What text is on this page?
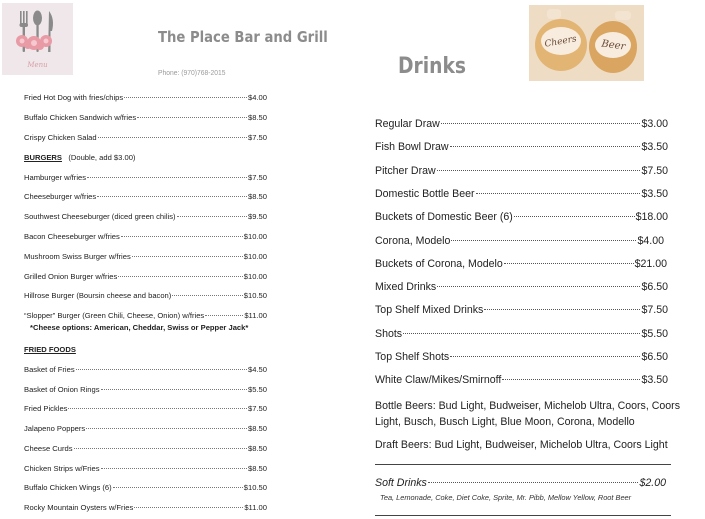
Menu
The Place Bar and Grill
Phone: (970)768-2015	Drinks
Cheers Beer
Fried Hot Dog with fries/chips	$4.00
Buffalo Chicken Sandwich w/fries	$8.50
Crispy Chicken Salad	$7.50
BURGERS (Double, add $3.00)
Hamburger w/fries	$7.50
Cheeseburger w/fries	$8.50
Southwest Cheeseburger (diced green chilis)	$9.50
Bacon Cheeseburger w/fries	$10.00
Mushroom Swiss Burger w/fries	$10.00
Grilled Onion Burger w/fries	$10.00
Hillrose Burger (Boursin cheese and bacon)	$10.50
“Slopper” Burger (Green Chili, Cheese, Onion) w/fries	$11.00
*Cheese options: American, Cheddar, Swiss or Pepper Jack*
FRIED FOODS
Basket of Fries	$4.50
Basket of Onion Rings	$5.50
Fried Pickles	$7.50
Jalapeno Poppers	$8.50
Cheese Curds	$8.50
Chicken Strips w/Fries	$8.50
Buffalo Chicken Wings (6)	$10.50
Rocky Mountain Oysters w/Fries	$11.00
Regular Draw	$3.00
Fish Bowl Draw	$3.50
Pitcher Draw	$7.50
Domestic Bottle Beer	$3.50
Buckets of Domestic Beer (6)	$18.00
Corona, Modelo	$4.00
Buckets of Corona, Modelo	$21.00
Mixed Drinks	$6.50
Top Shelf Mixed Drinks	$7.50
Shots	$5.50
Top Shelf Shots	$6.50
White Claw/Mikes/Smirnoff	$3.50
Bottle Beers: Bud Light, Budweiser, Michelob Ultra, Coors, Coors Light, Busch, Busch Light, Blue Moon, Corona, Modello
Draft Beers: Bud Light, Budweiser, Michelob Ultra, Coors Light
Soft Drinks	$2.00
Tea, Lemonade, Coke, Diet Coke, Sprite, Mr. Pibb, Mellow Yellow, Root Beer
